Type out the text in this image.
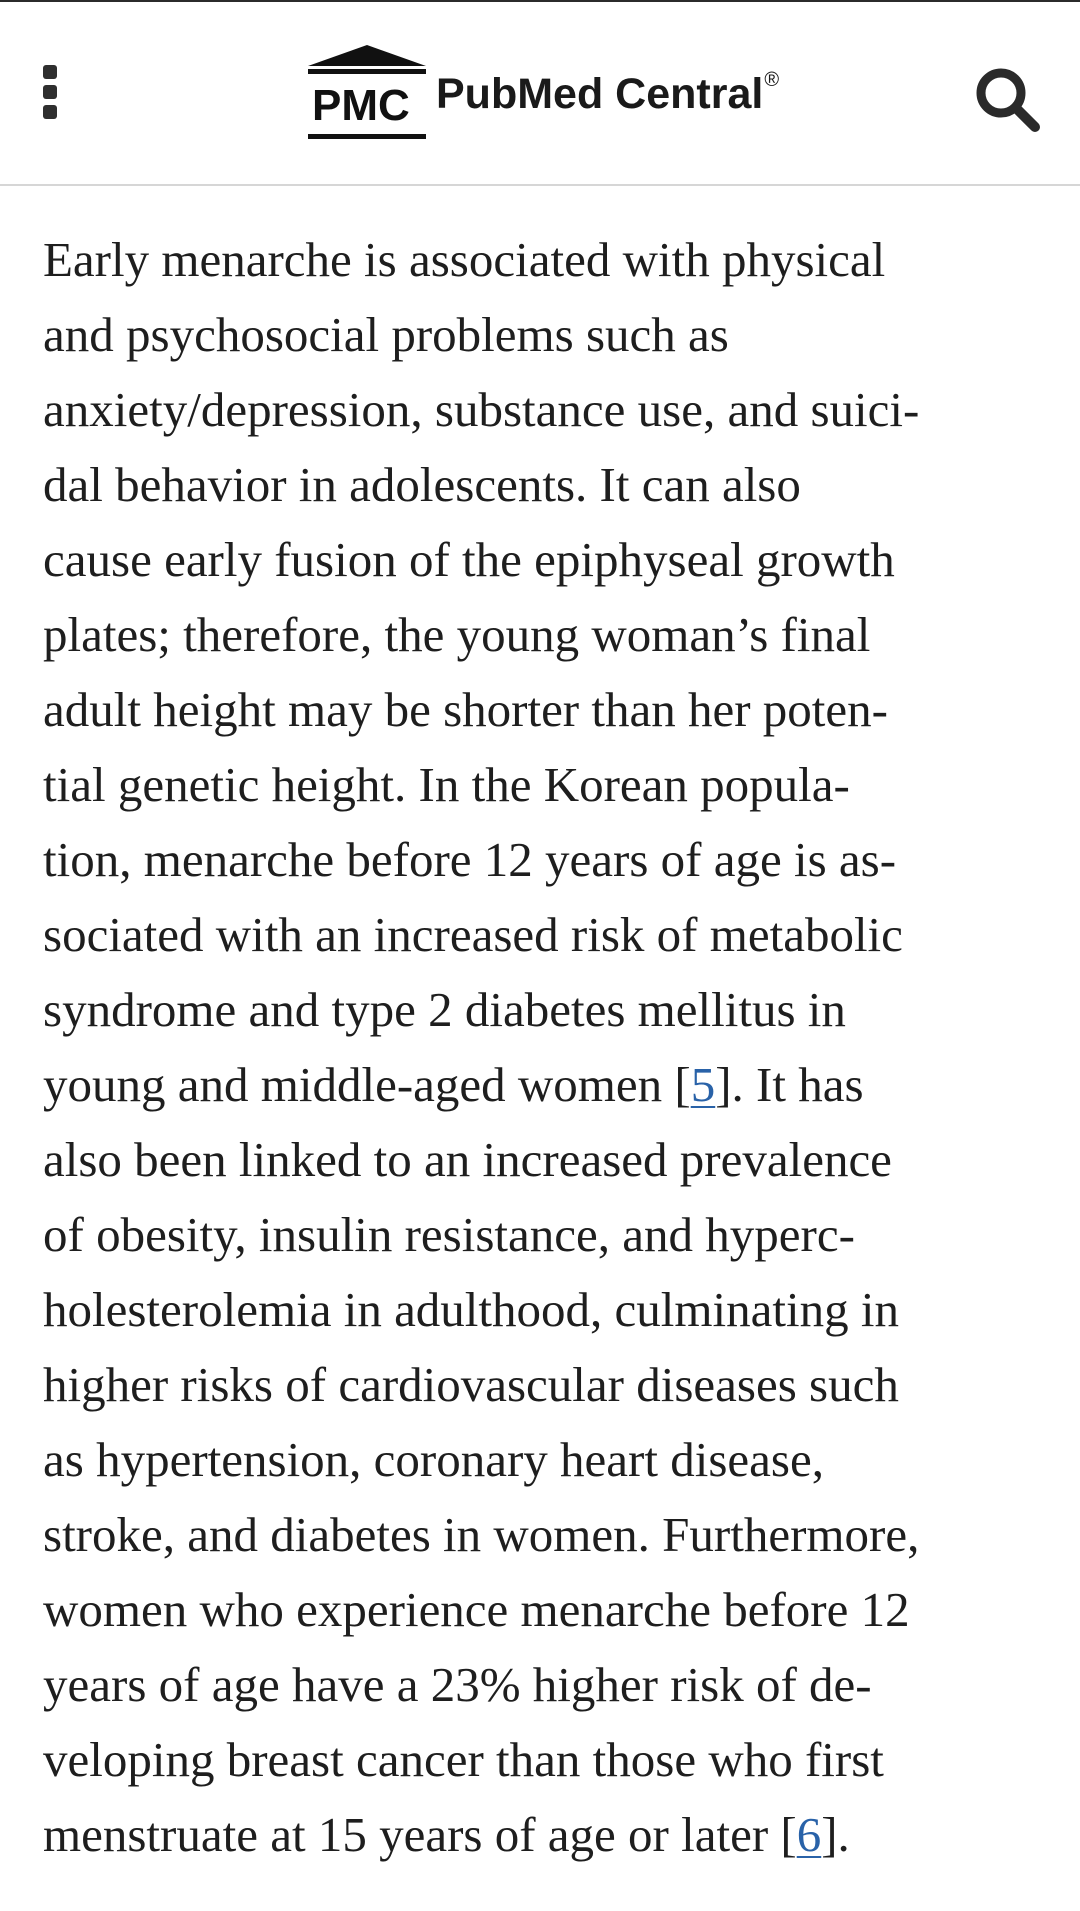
PMC PubMed Central®

Early menarche is associated with physical
and psychosocial problems such as
anxiety/depression, substance use, and suici-
dal behavior in adolescents. It can also
cause early fusion of the epiphyseal growth
plates; therefore, the young woman’s final
adult height may be shorter than her poten-
tial genetic height. In the Korean popula-
tion, menarche before 12 years of age is as-
sociated with an increased risk of metabolic
syndrome and type 2 diabetes mellitus in
young and middle-aged women [5]. It has
also been linked to an increased prevalence
of obesity, insulin resistance, and hyperc-
holesterolemia in adulthood, culminating in
higher risks of cardiovascular diseases such
as hypertension, coronary heart disease,
stroke, and diabetes in women. Furthermore,
women who experience menarche before 12
years of age have a 23% higher risk of de-
veloping breast cancer than those who first
menstruate at 15 years of age or later [6].
